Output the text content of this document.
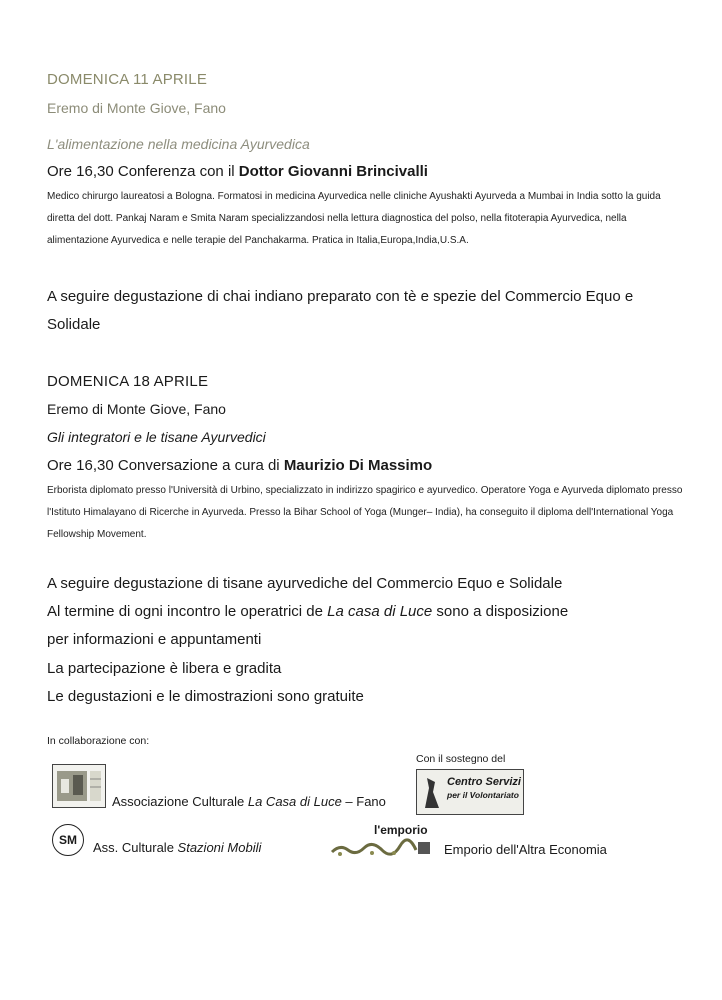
DOMENICA 11 APRILE
Eremo di Monte Giove, Fano
L'alimentazione nella medicina Ayurvedica
Ore 16,30 Conferenza con il Dottor Giovanni Brincivalli
Medico chirurgo laureatosi a Bologna. Formatosi in medicina Ayurvedica nelle cliniche Ayushakti Ayurveda a Mumbai in India sotto la guida diretta del dott. Pankaj Naram e Smita Naram specializzandosi nella lettura diagnostica del polso, nella fitoterapia Ayurvedica, nella alimentazione Ayurvedica e nelle terapie del Panchakarma. Pratica in Italia,Europa,India,U.S.A.
A seguire degustazione di chai indiano preparato con tè e spezie del Commercio Equo e Solidale
DOMENICA 18 APRILE
Eremo di Monte Giove, Fano
Gli integratori e le tisane Ayurvedici
Ore 16,30 Conversazione a cura di Maurizio Di Massimo
Erborista diplomato presso l'Università di Urbino, specializzato in indirizzo spagirico e ayurvedico. Operatore Yoga e Ayurveda diplomato presso l'Istituto Himalayano di Ricerche in Ayurveda. Presso la Bihar School of Yoga (Munger– India), ha conseguito il diploma dell'International Yoga Fellowship Movement.
A seguire degustazione di tisane ayurvediche del Commercio Equo e Solidale
Al termine di ogni incontro le operatrici de La casa di Luce sono a disposizione
per informazioni e appuntamenti
La partecipazione è libera e gradita
Le degustazioni e le dimostrazioni sono gratuite
In collaborazione con:
Con il sostegno del
Associazione Culturale La Casa di Luce – Fano
Centro Servizi
per il Volontariato
SM	Ass. Culturale Stazioni Mobili
l'emporio
Emporio dell'Altra Economia
